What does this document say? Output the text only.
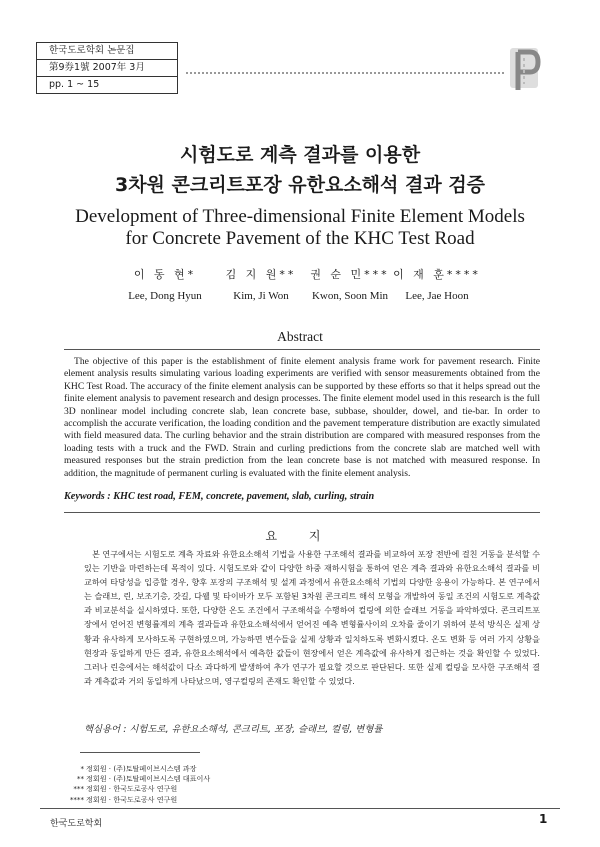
한국도로학회 논문집
第9券1號 2007年 3月
pp. 1 ~ 15
시험도로 계측 결과를 이용한
3차원 콘크리트포장 유한요소해석 결과 검증
Development of Three-dimensional Finite Element Models
for Concrete Pavement of the KHC Test Road
이 동 현*
Lee, Dong Hyun
김 지 원**
Kim, Ji Won
권 순 민***
Kwon, Soon Min
이 재 훈****
Lee, Jae Hoon
Abstract

The objective of this paper is the establishment of finite element analysis frame work for pavement research. Finite element analysis results simulating various loading experiments are verified with sensor measurements obtained from the KHC Test Road. The accuracy of the finite element analysis can be supported by these efforts so that it helps spread out the finite element analysis to pavement research and design processes. The finite element model used in this research is the full 3D nonlinear model including concrete slab, lean concrete base, subbase, shoulder, dowel, and tie-bar. In order to accomplish the accurate verification, the loading condition and the pavement temperature distribution are exactly simulated with field measured data. The curling behavior and the strain distribution are compared with measured responses from the loading tests with a truck and the FWD. Strain and curling predictions from the concrete slab are matched well with measured responses but the strain prediction from the lean concrete base is not matched with measured response. In addition, the magnitude of permanent curling is evaluated with the finite element analysis.

Keywords : KHC test road, FEM, concrete, pavement, slab, curling, strain
요 지

본 연구에서는 시험도로 계측 자료와 유한요소해석 기법을 사용한 구조해석 결과를 비교하여 포장 전반에 걸친 거동을 분석할 수 있는 기반을 마련하는데 목적이 있다. 시험도로와 같이 다양한 하중 재하시험을 통하여 얻은 계측 결과와 유한요소해석 결과를 비교하여 타당성을 입증할 경우, 향후 포장의 구조해석 및 설계 과정에서 유한요소해석 기법의 다양한 응용이 가능하다. 본 연구에서는 슬래브, 린, 보조기층, 갓길, 다웰 및 타이바가 모두 포함된 3차원 콘크리트 해석 모형을 개발하여 동일 조건의 시험도로 계측값과 비교분석을 실시하였다. 또한, 다양한 온도 조건에서 구조해석을 수행하여 컬링에 의한 슬래브 거동을 파악하였다. 콘크리트포장에서 얻어진 변형률계의 계측 결과들과 유한요소해석에서 얻어진 예측 변형률사이의 오차를 줄이기 위하여 분석 방식은 실제 상황과 유사하게 모사하도록 구현하였으며, 가능하면 변수들을 실제 상황과 일치하도록 변화시켰다. 온도 변화 등 여러 가지 상황을 현장과 동일하게 만든 결과, 유한요소해석에서 예측한 값들이 현장에서 얻은 계측값에 유사하게 접근하는 것을 확인할 수 있었다. 그러나 린층에서는 해석값이 다소 과다하게 발생하여 추가 연구가 필요할 것으로 판단된다. 또한 실제 컬링을 모사한 구조해석 결과 계측값과 거의 동일하게 나타났으며, 영구컬링의 존재도 확인할 수 있었다.

핵심용어 : 시험도로, 유한요소해석, 콘크리트, 포장, 슬래브, 컬링, 변형률
* 정회원 · (주)토탈페이브시스템 과장
** 정회원 · (주)토탈페이브시스템 대표이사
*** 정회원 · 한국도로공사 연구원
**** 정회원 · 한국도로공사 연구원
한국도로학회	1
